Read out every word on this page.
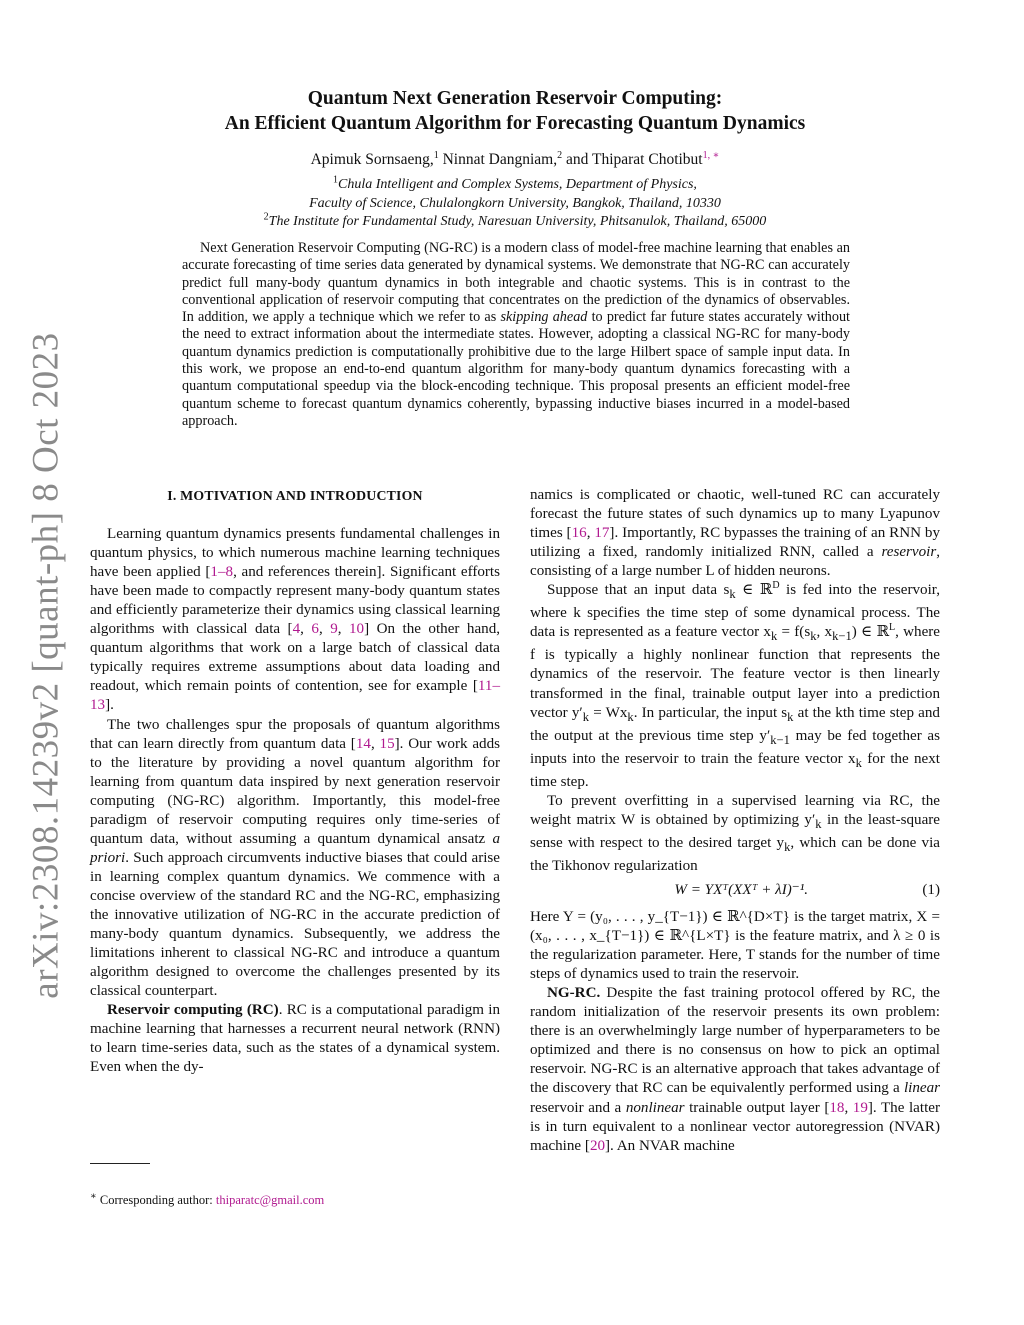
arXiv:2308.14239v2 [quant-ph] 8 Oct 2023
Quantum Next Generation Reservoir Computing:
An Efficient Quantum Algorithm for Forecasting Quantum Dynamics
Apimuk Sornsaeng,$^1$ Ninnat Dangniam,$^2$ and Thiparat Chotibut$^{1, ∗}$
$^1$Chula Intelligent and Complex Systems, Department of Physics,
Faculty of Science, Chulalongkorn University, Bangkok, Thailand, 10330
$^2$The Institute for Fundamental Study, Naresuan University, Phitsanulok, Thailand, 65000
Next Generation Reservoir Computing (NG-RC) is a modern class of model-free machine learning that enables an accurate forecasting of time series data generated by dynamical systems. We demonstrate that NG-RC can accurately predict full many-body quantum dynamics in both integrable and chaotic systems. This is in contrast to the conventional application of reservoir computing that concentrates on the prediction of the dynamics of observables. In addition, we apply a technique which we refer to as skipping ahead to predict far future states accurately without the need to extract information about the intermediate states. However, adopting a classical NG-RC for many-body quantum dynamics prediction is computationally prohibitive due to the large Hilbert space of sample input data. In this work, we propose an end-to-end quantum algorithm for many-body quantum dynamics forecasting with a quantum computational speedup via the block-encoding technique. This proposal presents an efficient model-free quantum scheme to forecast quantum dynamics coherently, bypassing inductive biases incurred in a model-based approach.
I. MOTIVATION AND INTRODUCTION

Learning quantum dynamics presents fundamental challenges in quantum physics, to which numerous machine learning techniques have been applied [1–8, and references therein]. Significant efforts have been made to compactly represent many-body quantum states and efficiently parameterize their dynamics using classical learning algorithms with classical data [4, 6, 9, 10] On the other hand, quantum algorithms that work on a large batch of classical data typically requires extreme assumptions about data loading and readout, which remain points of contention, see for example [11–13].

The two challenges spur the proposals of quantum algorithms that can learn directly from quantum data [14, 15]. Our work adds to the literature by providing a novel quantum algorithm for learning from quantum data inspired by next generation reservoir computing (NG-RC) algorithm. Importantly, this model-free paradigm of reservoir computing requires only time-series of quantum data, without assuming a quantum dynamical ansatz a priori. Such approach circumvents inductive biases that could arise in learning complex quantum dynamics. We commence with a concise overview of the standard RC and the NG-RC, emphasizing the innovative utilization of NG-RC in the accurate prediction of many-body quantum dynamics. Subsequently, we address the limitations inherent to classical NG-RC and introduce a quantum algorithm designed to overcome the challenges presented by its classical counterpart.

Reservoir computing (RC). RC is a computational paradigm in machine learning that harnesses a recurrent neural network (RNN) to learn time-series data, such as the states of a dynamical system. Even when the dy-

namics is complicated or chaotic, well-tuned RC can accurately forecast the future states of such dynamics up to many Lyapunov times [16, 17]. Importantly, RC bypasses the training of an RNN by utilizing a fixed, randomly initialized RNN, called a reservoir, consisting of a large number L of hidden neurons.

Suppose that an input data $s_k$ ∈ ℝ$^D$ is fed into the reservoir, where k specifies the time step of some dynamical process. The data is represented as a feature vector $x_k = f(s_k$, $x_{k-1}$) ∈ ℝ$^L$, where f is typically a highly nonlinear function that represents the dynamics of the reservoir. The feature vector is then linearly transformed in the final, trainable output layer into a prediction vector $y'_k = Wx_k$. In particular, the input $s_k$ at the kth time step and the output at the previous time step $y'_{k-1}$ may be fed together as inputs into the reservoir to train the feature vector $x_k$ for the next time step.

To prevent overfitting in a supervised learning via RC, the weight matrix W is obtained by optimizing $y'_k$ in the least-square sense with respect to the desired target $y_k$, which can be done via the Tikhonov regularization

W = YXᵀ(XXᵀ + λI)⁻¹.	(1)

Here Y = (y₀, . . . , y_{T−1}) ∈ ℝ^{D×T} is the target matrix, X = (x₀, . . . , x_{T−1}) ∈ ℝ^{L×T} is the feature matrix, and λ ≥ 0 is the regularization parameter. Here, T stands for the number of time steps of dynamics used to train the reservoir.

NG-RC. Despite the fast training protocol offered by RC, the random initialization of the reservoir presents its own problem: there is an overwhelmingly large number of hyperparameters to be optimized and there is no consensus on how to pick an optimal reservoir. NG-RC is an alternative approach that takes advantage of the discovery that RC can be equivalently performed using a linear reservoir and a nonlinear trainable output layer [18, 19]. The latter is in turn equivalent to a nonlinear vector autoregression (NVAR) machine [20]. An NVAR machine

∗ Corresponding author: thiparatc@gmail.com
